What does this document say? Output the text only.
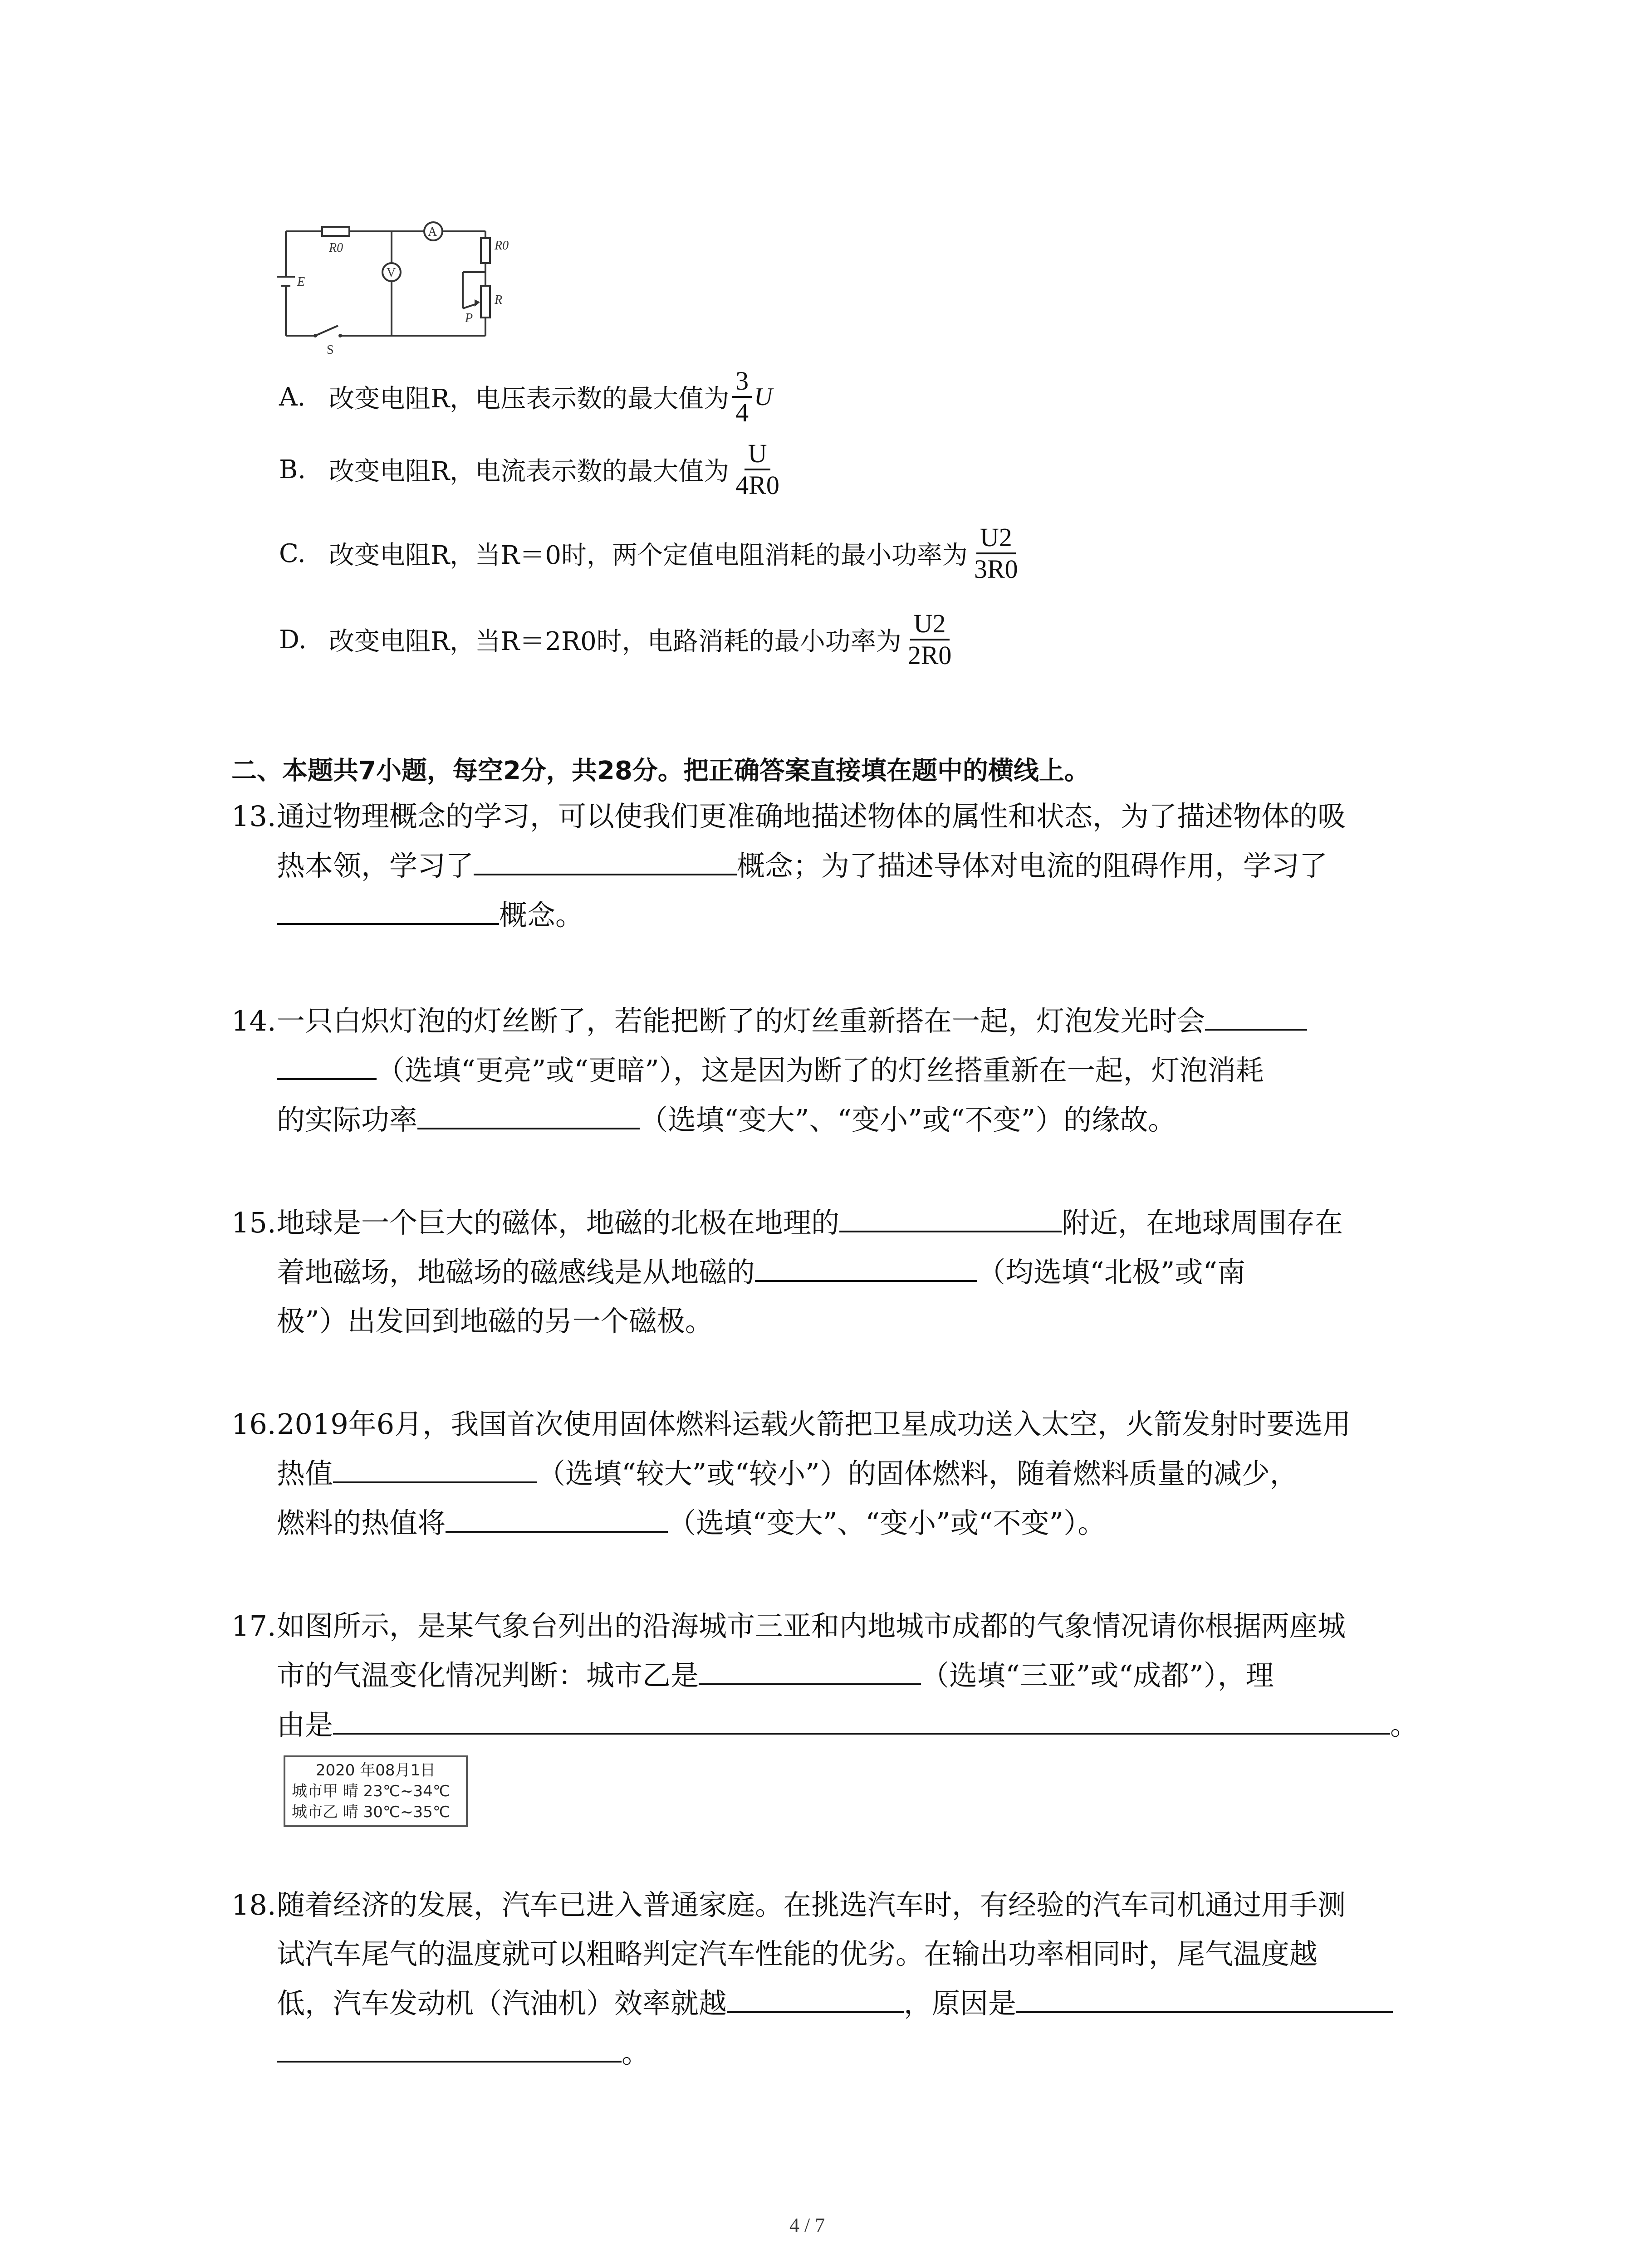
R0
A
V
R0
E
R
P
S
A. 改变电阻R，电压表示数的最大值为 $\frac{3}{4}$ U
B. 改变电阻R，电流表示数的最大值为 $\frac{U}{4R0}$
C. 改变电阻R，当R＝0时，两个定值电阻消耗的最小功率为 $\frac{U2}{3R0}$
D. 改变电阻R，当R＝2R0时，电路消耗的最小功率为 $\frac{U2}{2R0}$
二、本题共7小题，每空2分，共28分。把正确答案直接填在题中的横线上。
13.通过物理概念的学习，可以使我们更准确地描述物体的属性和状态，为了描述物体的吸
热本领，学习了	概念；为了描述导体对电流的阻碍作用，学习了
概念。
14.一只白炽灯泡的灯丝断了，若能把断了的灯丝重新搭在一起，灯泡发光时会
（选填“更亮”或“更暗”），这是因为断了的灯丝搭重新在一起，灯泡消耗
的实际功率	（选填“变大”、“变小”或“不变”）的缘故。
15.地球是一个巨大的磁体，地磁的北极在地理的	附近，在地球周围存在
着地磁场，地磁场的磁感线是从地磁的	（均选填“北极”或“南
极”）出发回到地磁的另一个磁极。
16.2019年6月，我国首次使用固体燃料运载火箭把卫星成功送入太空，火箭发射时要选用
热值	（选填“较大”或“较小”）的固体燃料，随着燃料质量的减少，
燃料的热值将	（选填“变大”、“变小”或“不变”）。
17.如图所示，是某气象台列出的沿海城市三亚和内地城市成都的气象情况请你根据两座城
市的气温变化情况判断：城市乙是	（选填“三亚”或“成都”），理
由是	。
2020 年08月1日
城市甲 晴 23℃~34℃
城市乙 晴 30℃~35℃
18.随着经济的发展，汽车已进入普通家庭。在挑选汽车时，有经验的汽车司机通过用手测
试汽车尾气的温度就可以粗略判定汽车性能的优劣。在输出功率相同时，尾气温度越
低，汽车发动机（汽油机）效率就越	，原因是
。
4 / 7
